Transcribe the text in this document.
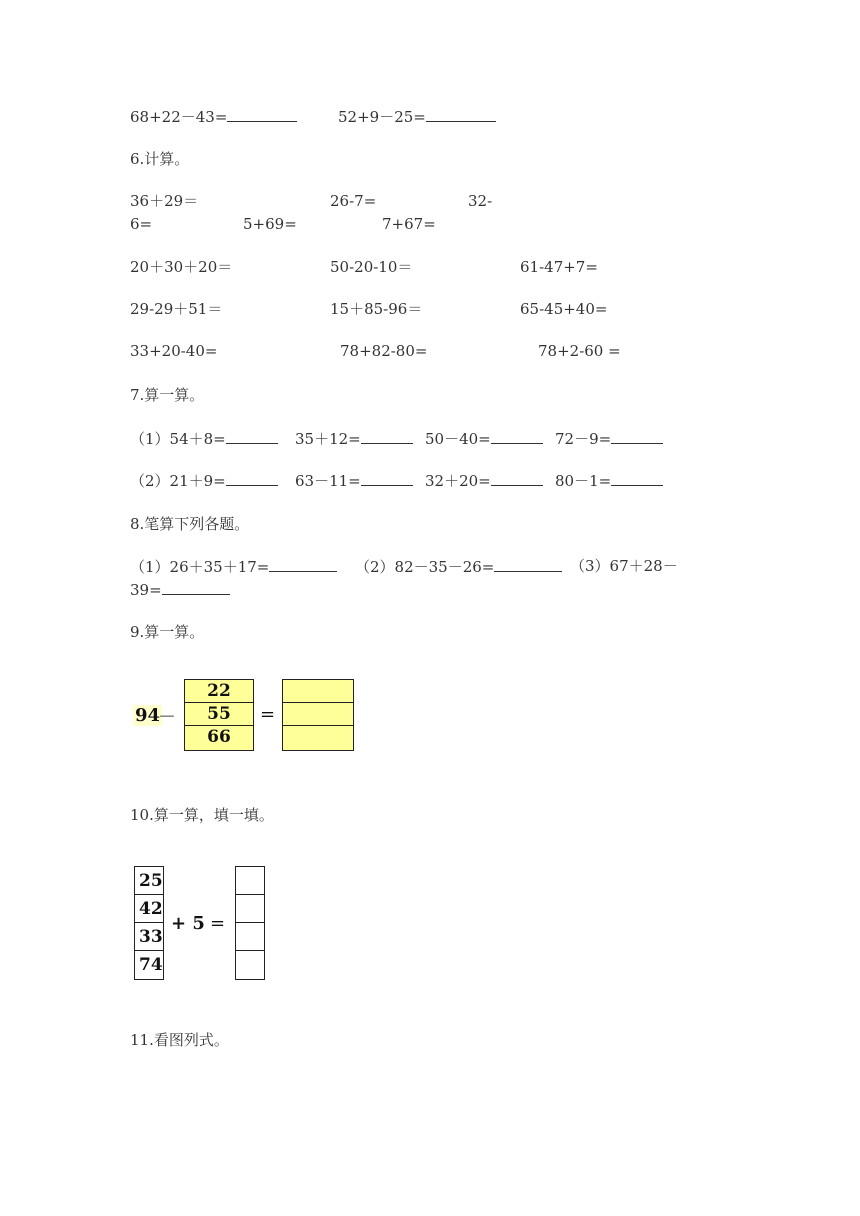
68+22－43=	52+9－25=
6.计算。
36＋29＝	26-7=	32-
6=	5+69=	7+67=
20＋30＋20＝	50-20-10＝	61-47+7=
29-29＋51＝	15＋85-96＝	65-45+40=
33+20-40=	78+82-80=	78+2-60 =
7.算一算。
（1）54＋8=	35＋12=	50－40=	72－9=
（2）21＋9=	63－11=	32＋20=	80－1=
8.笔算下列各题。
（1）26＋35＋17=	（2）82－35－26=	（3）67＋28－
39=
9.算一算。
94
－
22
55
66
=
10.算一算，填一填。
25
42
33
74
+ 5 =
11.看图列式。
